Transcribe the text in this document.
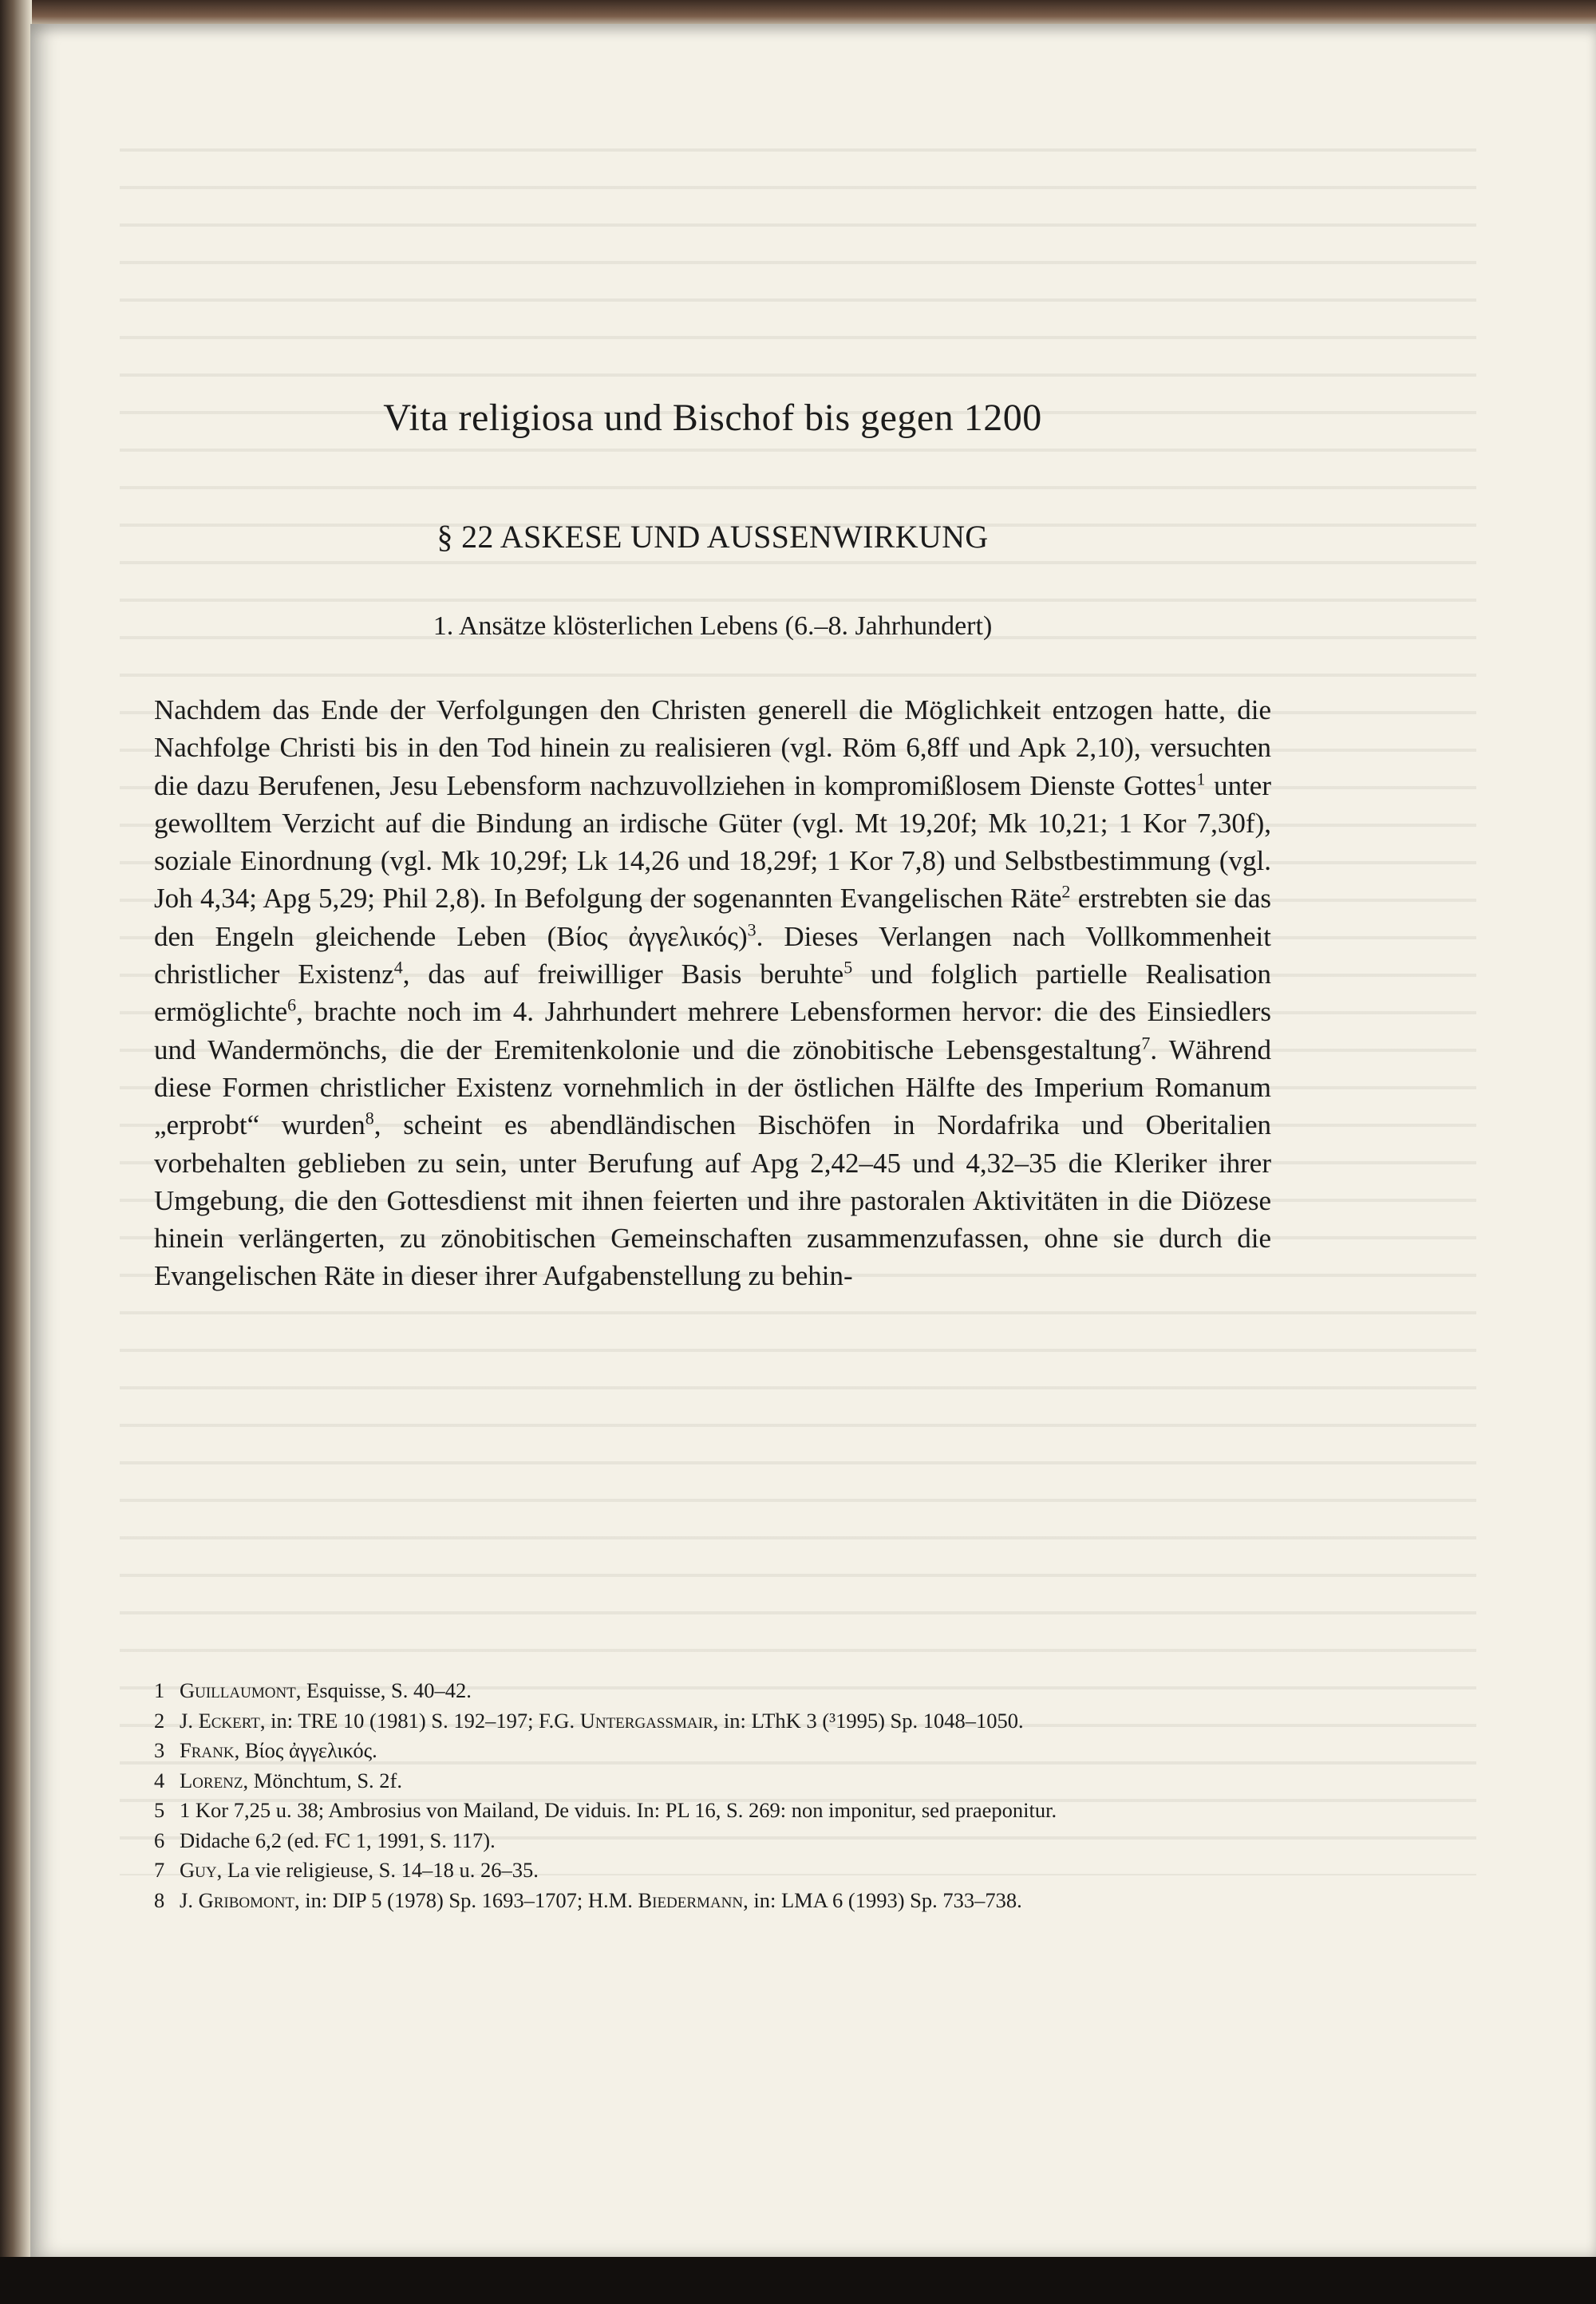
Vita religiosa und Bischof bis gegen 1200
§ 22 ASKESE UND AUSSENWIRKUNG
1. Ansätze klösterlichen Lebens (6.–8. Jahrhundert)

Nachdem das Ende der Verfolgungen den Christen generell die Möglichkeit entzogen hatte, die Nachfolge Christi bis in den Tod hinein zu realisieren (vgl. Röm 6,8ff und Apk 2,10), versuchten die dazu Berufenen, Jesu Lebensform nachzuvollziehen in kompromißlosem Dienste Gottes$^1$ unter gewolltem Verzicht auf die Bindung an irdische Güter (vgl. Mt 19,20f; Mk 10,21; 1 Kor 7,30f), soziale Einordnung (vgl. Mk 10,29f; Lk 14,26 und 18,29f; 1 Kor 7,8) und Selbstbestimmung (vgl. Joh 4,34; Apg 5,29; Phil 2,8). In Befolgung der sogenannten Evangelischen Räte$^2$ erstrebten sie das den Engeln gleichende Leben (Βίος ἀγγελικός)$^3$. Dieses Verlangen nach Vollkommenheit christlicher Existenz$^4$, das auf freiwilliger Basis beruhte$^5$ und folglich partielle Realisation ermöglichte$^6$, brachte noch im 4. Jahrhundert mehrere Lebensformen hervor: die des Einsiedlers und Wandermönchs, die der Eremitenkolonie und die zönobitische Lebensgestaltung$^7$. Während diese Formen christlicher Existenz vornehmlich in der östlichen Hälfte des Imperium Romanum „erprobt“ wurden$^8$, scheint es abendländischen Bischöfen in Nordafrika und Oberitalien vorbehalten geblieben zu sein, unter Berufung auf Apg 2,42–45 und 4,32–35 die Kleriker ihrer Umgebung, die den Gottesdienst mit ihnen feierten und ihre pastoralen Aktivitäten in die Diözese hinein verlängerten, zu zönobitischen Gemeinschaften zusammenzufassen, ohne sie durch die Evangelischen Räte in dieser ihrer Aufgabenstellung zu behin-

1 Guillaumont, Esquisse, S. 40–42.
2 J. Eckert, in: TRE 10 (1981) S. 192–197; F.G. Untergassmair, in: LThK 3 (³1995) Sp. 1048–1050.
3 Frank, Βίος ἀγγελικός.
4 Lorenz, Mönchtum, S. 2f.
5 1 Kor 7,25 u. 38; Ambrosius von Mailand, De viduis. In: PL 16, S. 269: non imponitur, sed praeponitur.
6 Didache 6,2 (ed. FC 1, 1991, S. 117).
7 Guy, La vie religieuse, S. 14–18 u. 26–35.
8 J. Gribomont, in: DIP 5 (1978) Sp. 1693–1707; H.M. Biedermann, in: LMA 6 (1993) Sp. 733–738.
